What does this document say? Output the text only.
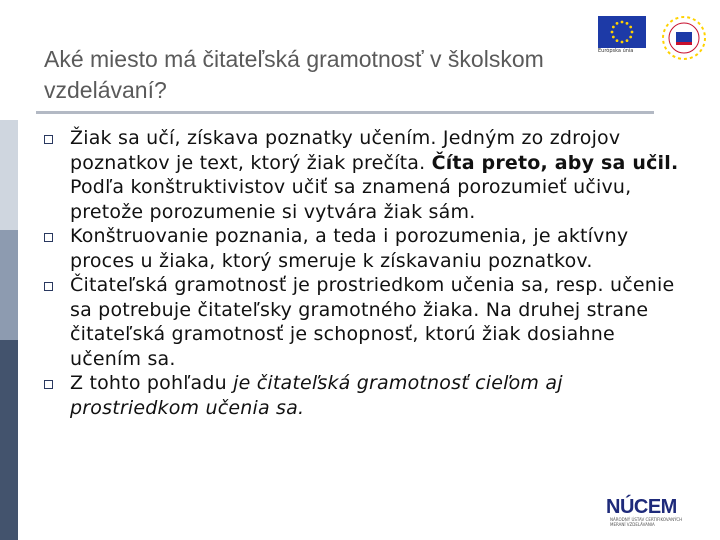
Európska únia
Aké miesto má čitateľská gramotnosť v školskom vzdelávaní?
Žiak sa učí, získava poznatky učením. Jedným zo zdrojov poznatkov je text, ktorý žiak prečíta. Číta preto, aby sa učil. Podľa konštruktivistov učiť sa znamená porozumieť učivu, pretože porozumenie si vytvára žiak sám.
Konštruovanie poznania, a teda i porozumenia, je aktívny proces u žiaka, ktorý smeruje k získavaniu poznatkov.
Čitateľská gramotnosť je prostriedkom učenia sa, resp. učenie sa potrebuje čitateľsky gramotného žiaka. Na druhej strane čitateľská gramotnosť je schopnosť, ktorú žiak dosiahne učením sa.
Z tohto pohľadu je čitateľská gramotnosť cieľom aj prostriedkom učenia sa.
NÚCEM
NÁRODNÝ ÚSTAV CERTIFIKOVANÝCH MERANÍ VZDELÁVANIA
